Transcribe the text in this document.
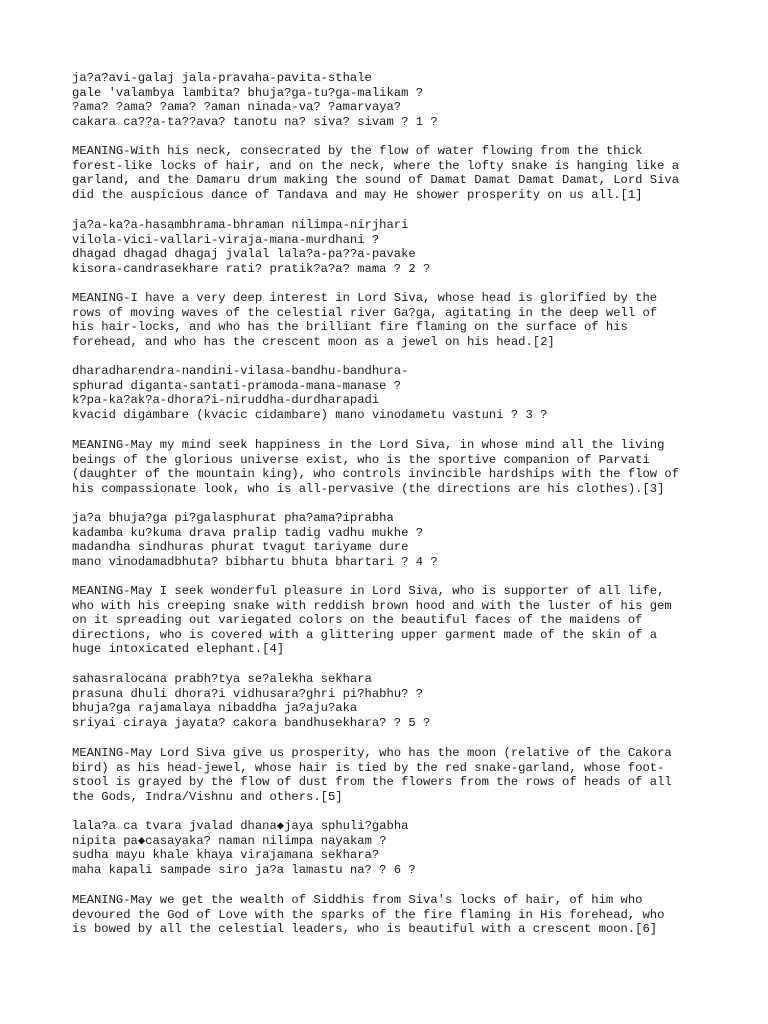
ja?a?avi-galaj jala-pravaha-pavita-sthale
gale 'valambya lambita? bhuja?ga-tu?ga-malikam ?
?ama? ?ama? ?ama? ?aman ninada-va? ?amarvaya?
cakara ca??a-ta??ava? tanotu na? siva? sivam ? 1 ?
MEANING-With his neck, consecrated by the flow of water flowing from the thick
forest-like locks of hair, and on the neck, where the lofty snake is hanging like a
garland, and the Damaru drum making the sound of Damat Damat Damat Damat, Lord Siva
did the auspicious dance of Tandava and may He shower prosperity on us all.[1]
ja?a-ka?a-hasambhrama-bhraman nilimpa-nirjhari
vilola-vici-vallari-viraja-mana-murdhani ?
dhagad dhagad dhagaj jvalal lala?a-pa??a-pavake
kisora-candrasekhare rati? pratik?a?a? mama ? 2 ?
MEANING-I have a very deep interest in Lord Siva, whose head is glorified by the
rows of moving waves of the celestial river Ga?ga, agitating in the deep well of
his hair-locks, and who has the brilliant fire flaming on the surface of his
forehead, and who has the crescent moon as a jewel on his head.[2]
dharadharendra-nandini-vilasa-bandhu-bandhura-
sphurad diganta-santati-pramoda-mana-manase ?
k?pa-ka?ak?a-dhora?i-niruddha-durdharapadi
kvacid digambare (kvacic cidambare) mano vinodametu vastuni ? 3 ?
MEANING-May my mind seek happiness in the Lord Siva, in whose mind all the living
beings of the glorious universe exist, who is the sportive companion of Parvati
(daughter of the mountain king), who controls invincible hardships with the flow of
his compassionate look, who is all-pervasive (the directions are his clothes).[3]
ja?a bhuja?ga pi?galasphurat pha?ama?iprabha
kadamba ku?kuma drava pralip tadig vadhu mukhe ?
madandha sindhuras phurat tvagut tariyame dure
mano vinodamadbhuta? bibhartu bhuta bhartari ? 4 ?
MEANING-May I seek wonderful pleasure in Lord Siva, who is supporter of all life,
who with his creeping snake with reddish brown hood and with the luster of his gem
on it spreading out variegated colors on the beautiful faces of the maidens of
directions, who is covered with a glittering upper garment made of the skin of a
huge intoxicated elephant.[4]
sahasralocana prabh?tya se?alekha sekhara
prasuna dhuli dhora?i vidhusara?ghri pi?habhu? ?
bhuja?ga rajamalaya nibaddha ja?aju?aka
sriyai ciraya jayata? cakora bandhusekhara? ? 5 ?
MEANING-May Lord Siva give us prosperity, who has the moon (relative of the Cakora
bird) as his head-jewel, whose hair is tied by the red snake-garland, whose foot-
stool is grayed by the flow of dust from the flowers from the rows of heads of all
the Gods, Indra/Vishnu and others.[5]
lala?a ca tvara jvalad dhana◆jaya sphuli?gabha
nipita pa◆casayaka? naman nilimpa nayakam ?
sudha mayu khale khaya virajamana sekhara?
maha kapali sampade siro ja?a lamastu na? ? 6 ?
MEANING-May we get the wealth of Siddhis from Siva's locks of hair, of him who
devoured the God of Love with the sparks of the fire flaming in His forehead, who
is bowed by all the celestial leaders, who is beautiful with a crescent moon.[6]
